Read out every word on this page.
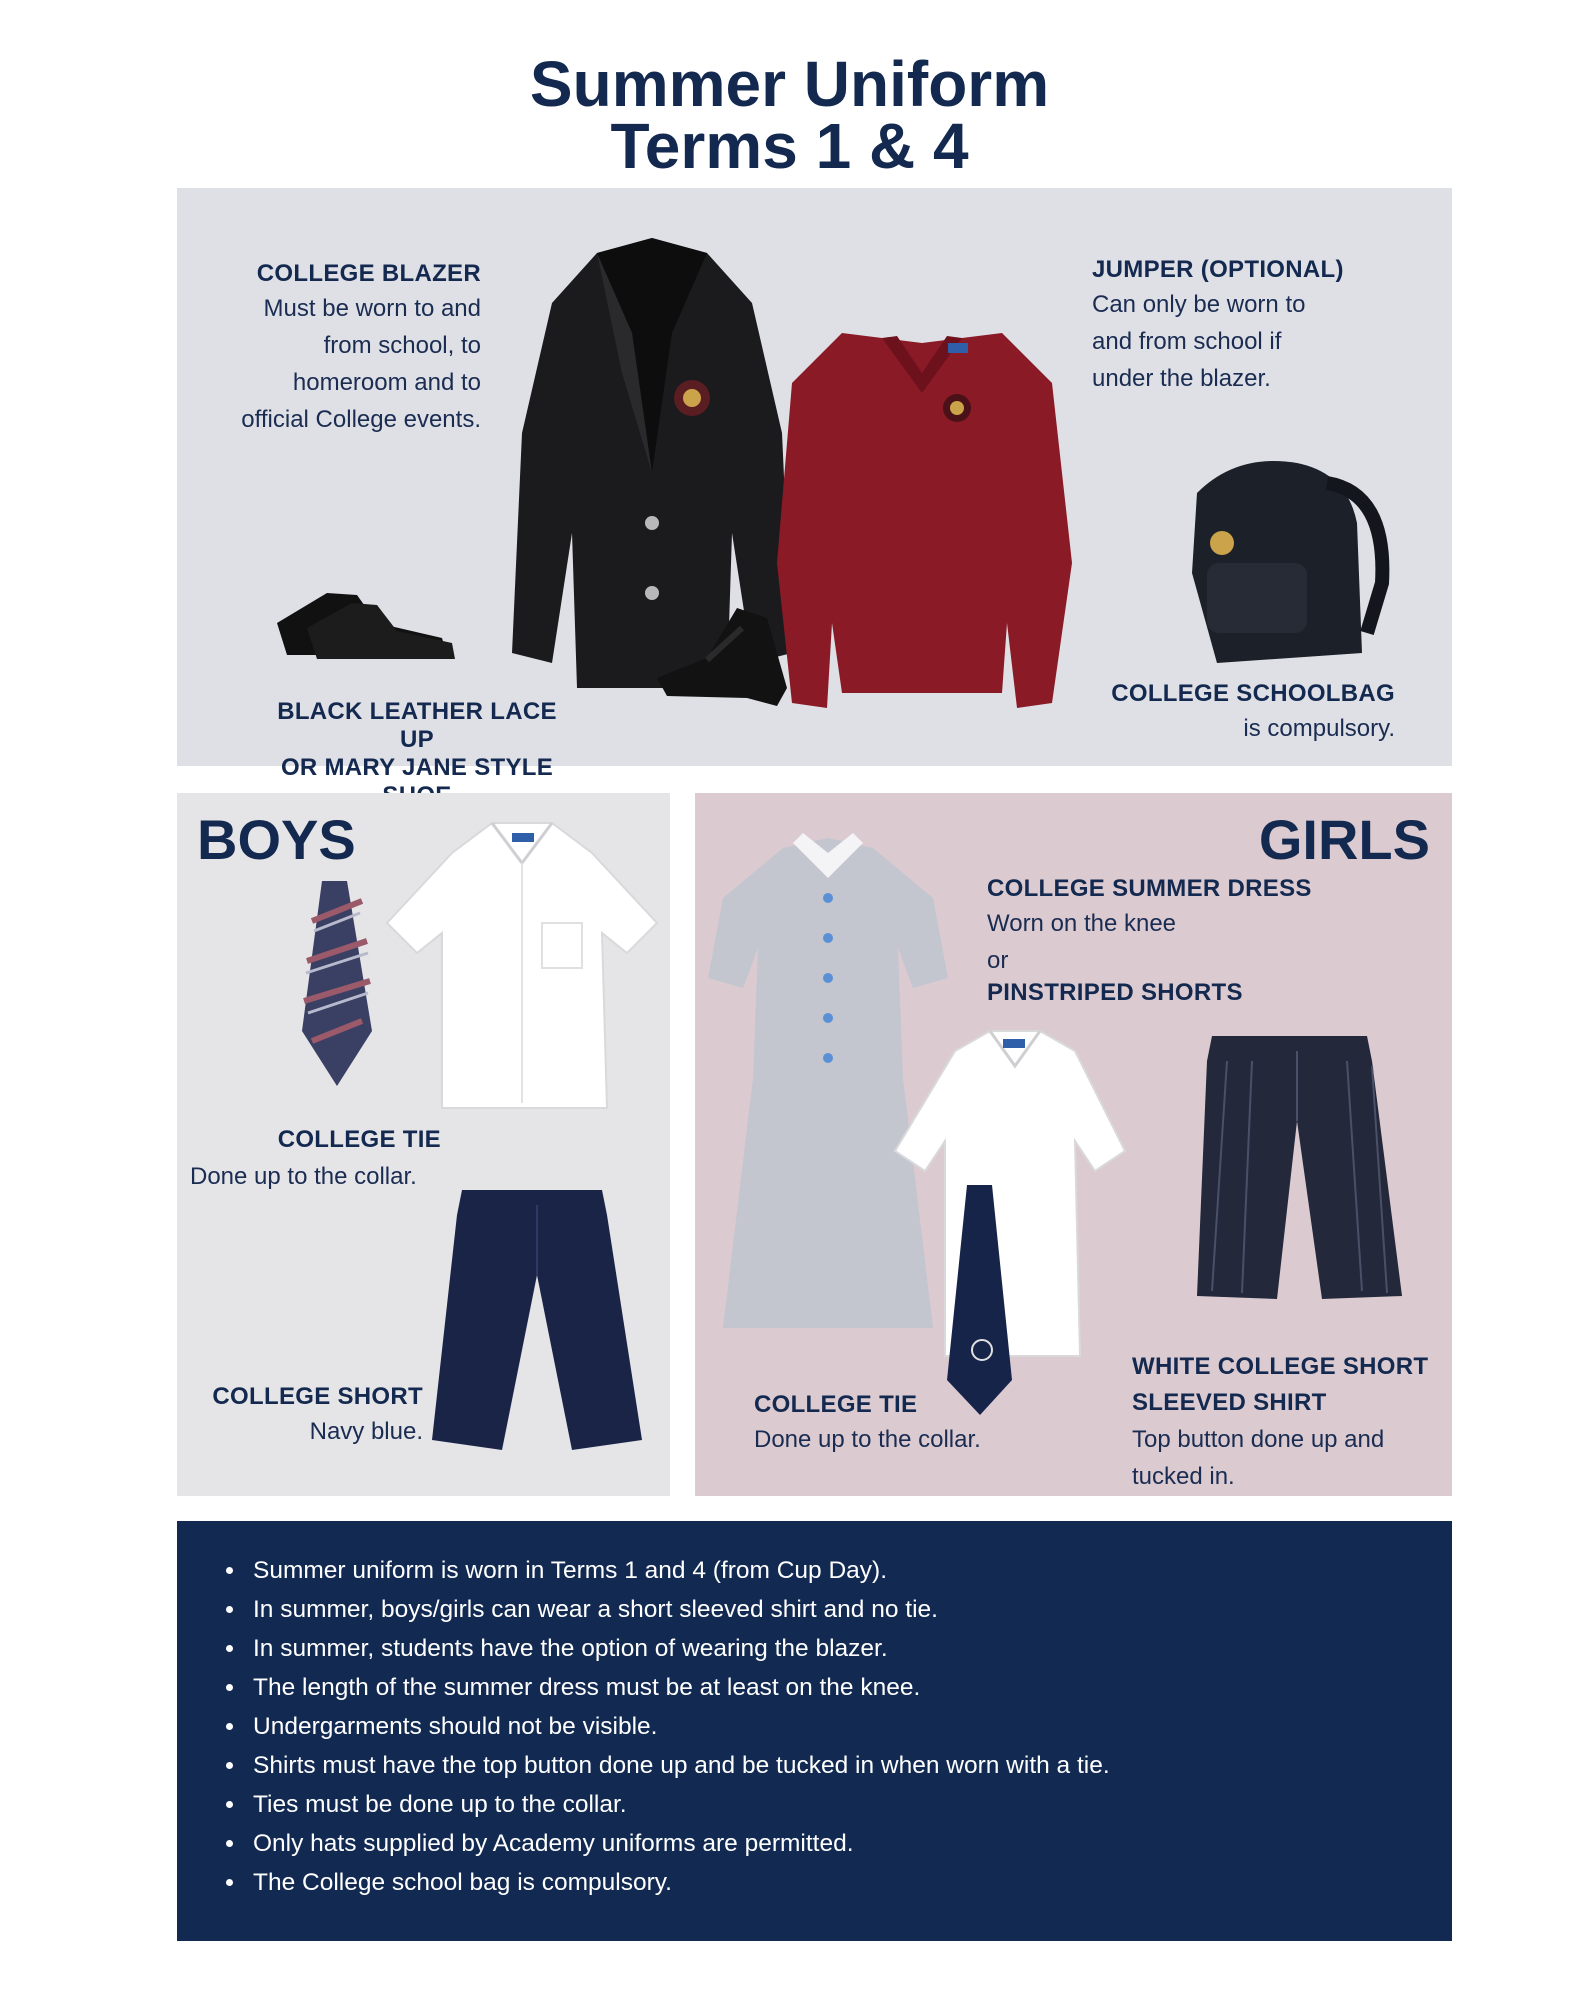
Summer Uniform
Terms 1 & 4
COLLEGE BLAZER
Must be worn to and
from school, to
homeroom and to
official College events.
BLACK LEATHER LACE UP
OR MARY JANE STYLE
JUMPER (OPTIONAL)
Can only be worn to
and from school if
under the blazer.
COLLEGE SCHOOLBAG
is compulsory.
BOYS
COLLEGE TIE
Done up to the collar.
COLLEGE SHORT
Navy blue.
GIRLS
COLLEGE SUMMER DRESS
Worn on the knee
or
PINSTRIPED SHORTS
COLLEGE TIE
Done up to the collar.
WHITE COLLEGE SHORT
SLEEVED SHIRT
Top button done up and
tucked in.
• Summer uniform is worn in Terms 1 and 4 (from Cup Day).
• In summer, boys/girls can wear a short sleeved shirt and no tie.
• In summer, students have the option of wearing the blazer.
• The length of the summer dress must be at least on the knee.
• Undergarments should not be visible.
• Shirts must have the top button done up and be tucked in when worn with a tie.
• Ties must be done up to the collar.
• Only hats supplied by Academy uniforms are permitted.
• The College school bag is compulsory.
